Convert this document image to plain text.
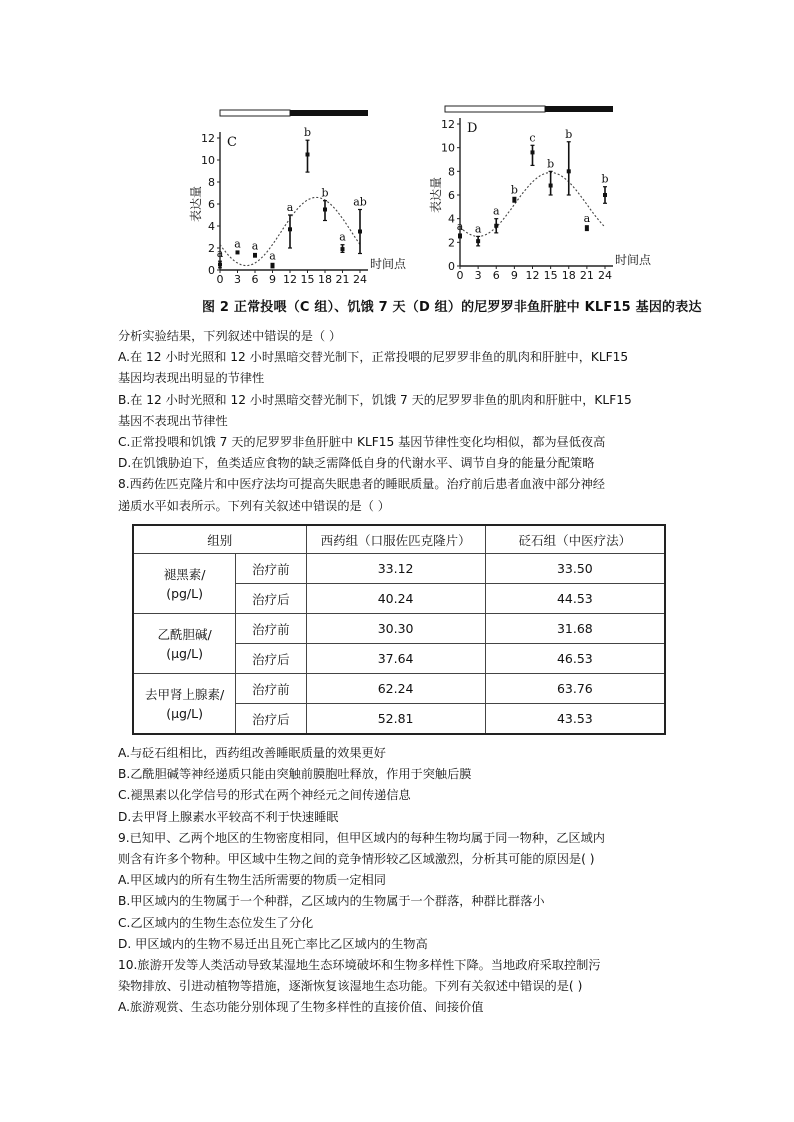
0
2
4
6
8
10
12
0 3 6 9 12 15 18 21 24
C
表达量
时间点
a
a a
a
a
b
b
a
ab
0
2
4
6
8
10
12
0 3 6 9 12 15 18 21 24
D
表达量
时间点
a a
a
b
c
b
b
a
b
图 2 正常投喂（C 组）、饥饿 7 天（D 组）的尼罗罗非鱼肝脏中 KLF15 基因的表达

分析实验结果，下列叙述中错误的是（ ）

A.在 12 小时光照和 12 小时黑暗交替光制下，正常投喂的尼罗罗非鱼的肌肉和肝脏中，KLF15

基因均表现出明显的节律性

B.在 12 小时光照和 12 小时黑暗交替光制下，饥饿 7 天的尼罗罗非鱼的肌肉和肝脏中，KLF15

基因不表现出节律性

C.正常投喂和饥饿 7 天的尼罗罗非鱼肝脏中 KLF15 基因节律性变化均相似，都为昼低夜高

D.在饥饿胁迫下，鱼类适应食物的缺乏需降低自身的代谢水平、调节自身的能量分配策略

8.西药佐匹克隆片和中医疗法均可提高失眠患者的睡眠质量。治疗前后患者血液中部分神经

递质水平如表所示。下列有关叙述中错误的是（ ）

组别		西药组（口服佐匹克隆片）	砭石组（中医疗法）
褪黑素/
(pg/L)	治疗前	33.12	33.50
	治疗后	40.24	44.53
乙酰胆碱/
(μg/L)	治疗前	30.30	31.68
	治疗后	37.64	46.53
去甲肾上腺素/
(μg/L)	治疗前	62.24	63.76
	治疗后	52.81	43.53

A.与砭石组相比，西药组改善睡眠质量的效果更好

B.乙酰胆碱等神经递质只能由突触前膜胞吐释放，作用于突触后膜

C.褪黑素以化学信号的形式在两个神经元之间传递信息

D.去甲肾上腺素水平较高不利于快速睡眠

9.已知甲、乙两个地区的生物密度相同，但甲区域内的每种生物均属于同一物种，乙区域内

则含有许多个物种。甲区域中生物之间的竞争情形较乙区域激烈，分析其可能的原因是( )

A.甲区域内的所有生物生活所需要的物质一定相同

B.甲区域内的生物属于一个种群，乙区域内的生物属于一个群落，种群比群落小

C.乙区域内的生物生态位发生了分化

D. 甲区域内的生物不易迁出且死亡率比乙区域内的生物高

10.旅游开发等人类活动导致某湿地生态环境破坏和生物多样性下降。当地政府采取控制污

染物排放、引进动植物等措施，逐渐恢复该湿地生态功能。下列有关叙述中错误的是( )

A.旅游观赏、生态功能分别体现了生物多样性的直接价值、间接价值
